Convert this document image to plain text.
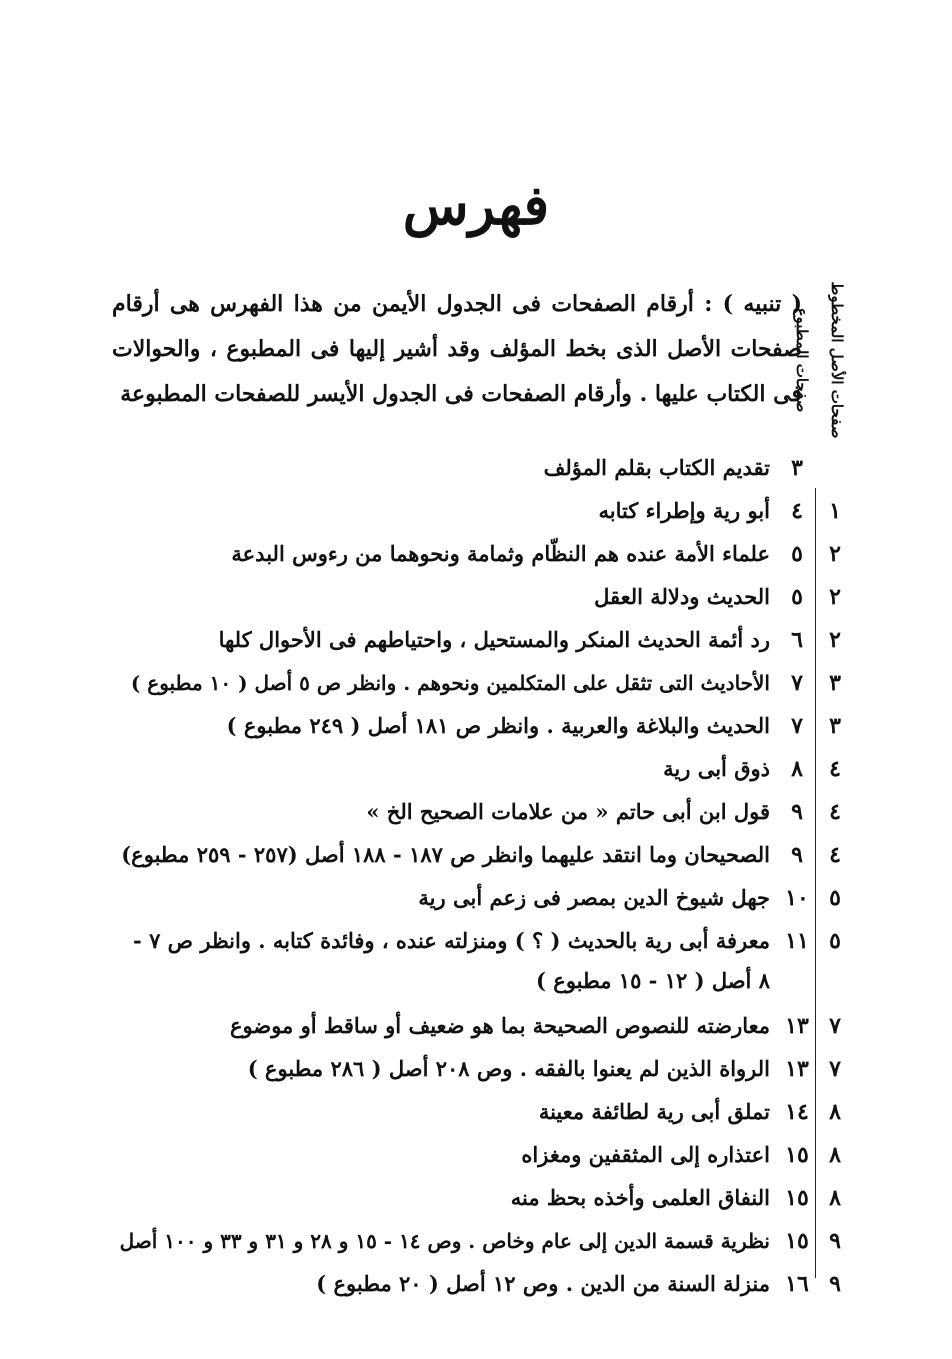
فهرس
صفحات الأصل المخطوط
صفحات المطبوع
( تنبيه ) : أرقام الصفحات فى الجدول الأيمن من هذا الفهرس هى أرقام صفحات الأصل الذى بخط المؤلف وقد أشير إليها فى المطبوع ، والحوالات فى الكتاب عليها . وأرقام الصفحات فى الجدول الأيسر للصفحات المطبوعة
٣
تقديم الكتاب بقلم المؤلف
١
٤
أبو رية وإطراء كتابه
٢
٥
علماء الأمة عنده هم النظّام وثمامة ونحوهما من رءوس البدعة
٢
٥
الحديث ودلالة العقل
٢
٦
رد أئمة الحديث المنكر والمستحيل ، واحتياطهم فى الأحوال كلها
٣
٧
الأحاديث التى تثقل على المتكلمين ونحوهم . وانظر ص ٥ أصل ( ١٠ مطبوع )
٣
٧
الحديث والبلاغة والعربية . وانظر ص ١٨١ أصل ( ٢٤٩ مطبوع )
٤
٨
ذوق أبى رية
٤
٩
قول ابن أبى حاتم « من علامات الصحيح الخ »
٤
٩
الصحيحان وما انتقد عليهما وانظر ص ١٨٧ - ١٨٨ أصل (٢٥٧ - ٢٥٩ مطبوع)
٥
١٠
جهل شيوخ الدين بمصر فى زعم أبى رية
٥
١١
معرفة أبى رية بالحديث ( ؟ ) ومنزلته عنده ، وفائدة كتابه . وانظر ص ٧ - ٨ أصل ( ١٢ - ١٥ مطبوع )
٧
١٣
معارضته للنصوص الصحيحة بما هو ضعيف أو ساقط أو موضوع
٧
١٣
الرواة الذين لم يعنوا بالفقه . وص ٢٠٨ أصل ( ٢٨٦ مطبوع )
٨
١٤
تملق أبى رية لطائفة معينة
٨
١٥
اعتذاره إلى المثقفين ومغزاه
٨
١٥
النفاق العلمى وأخذه بحظ منه
٩
١٥
نظرية قسمة الدين إلى عام وخاص . وص ١٤ - ١٥ و ٢٨ و ٣١ و ٣٣ و ١٠٠ أصل
٩
١٦
منزلة السنة من الدين . وص ١٢ أصل ( ٢٠ مطبوع )
